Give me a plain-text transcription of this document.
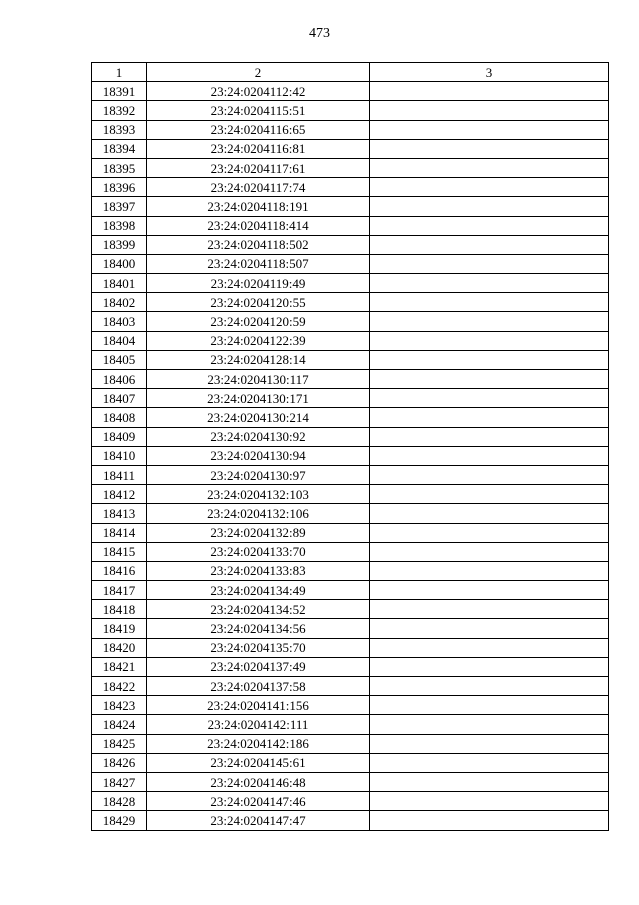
473
1	2	3
18391	23:24:0204112:42	
18392	23:24:0204115:51	
18393	23:24:0204116:65	
18394	23:24:0204116:81	
18395	23:24:0204117:61	
18396	23:24:0204117:74	
18397	23:24:0204118:191	
18398	23:24:0204118:414	
18399	23:24:0204118:502	
18400	23:24:0204118:507	
18401	23:24:0204119:49	
18402	23:24:0204120:55	
18403	23:24:0204120:59	
18404	23:24:0204122:39	
18405	23:24:0204128:14	
18406	23:24:0204130:117	
18407	23:24:0204130:171	
18408	23:24:0204130:214	
18409	23:24:0204130:92	
18410	23:24:0204130:94	
18411	23:24:0204130:97	
18412	23:24:0204132:103	
18413	23:24:0204132:106	
18414	23:24:0204132:89	
18415	23:24:0204133:70	
18416	23:24:0204133:83	
18417	23:24:0204134:49	
18418	23:24:0204134:52	
18419	23:24:0204134:56	
18420	23:24:0204135:70	
18421	23:24:0204137:49	
18422	23:24:0204137:58	
18423	23:24:0204141:156	
18424	23:24:0204142:111	
18425	23:24:0204142:186	
18426	23:24:0204145:61	
18427	23:24:0204146:48	
18428	23:24:0204147:46	
18429	23:24:0204147:47	
